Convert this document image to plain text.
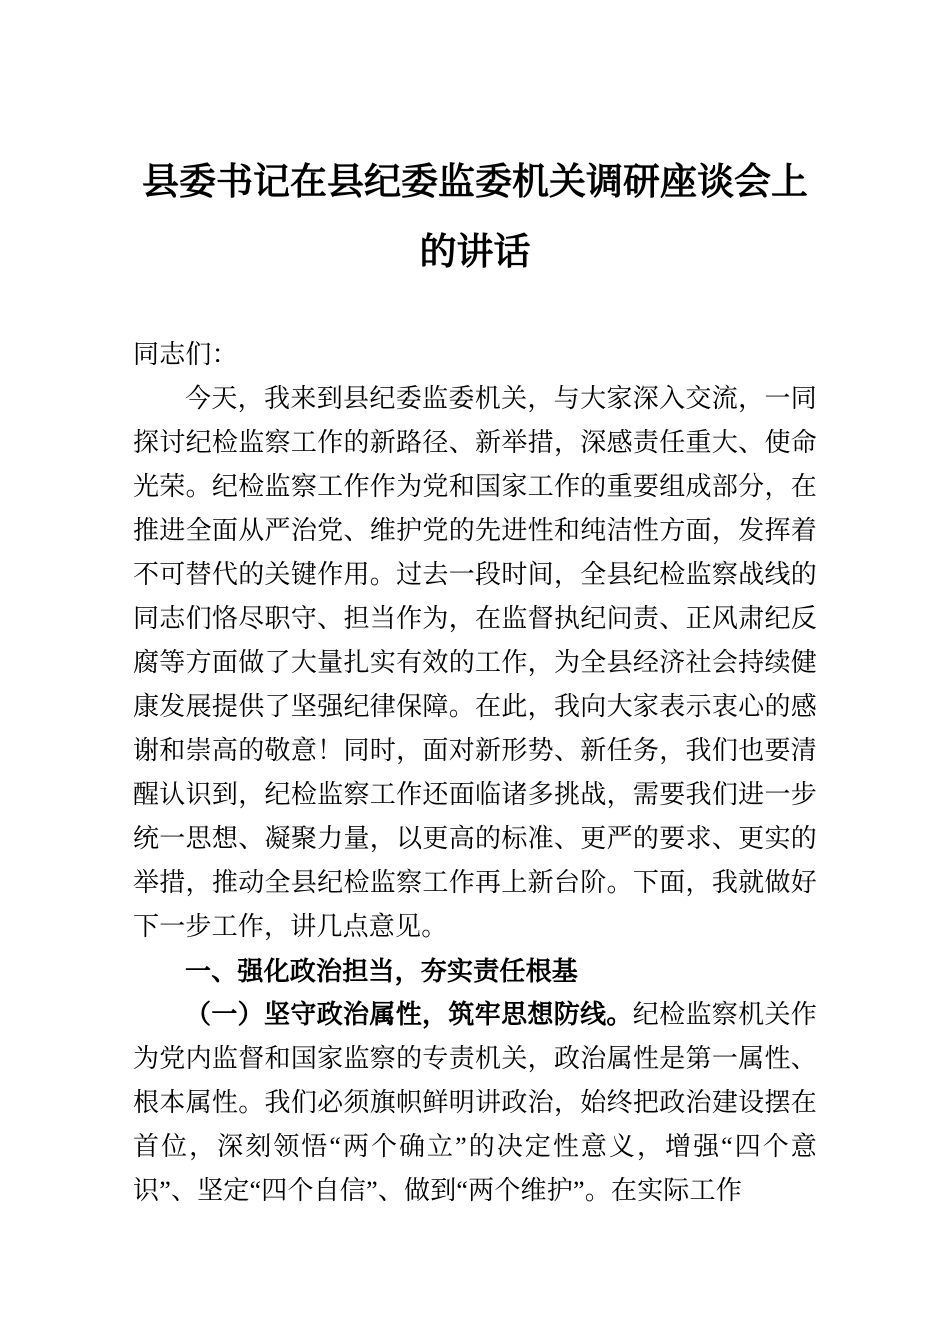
县委书记在县纪委监委机关调研座谈会上
的讲话

同志们：

今天，我来到县纪委监委机关，与大家深入交流，一同探讨纪检监察工作的新路径、新举措，深感责任重大、使命光荣。纪检监察工作作为党和国家工作的重要组成部分，在推进全面从严治党、维护党的先进性和纯洁性方面，发挥着不可替代的关键作用。过去一段时间，全县纪检监察战线的同志们恪尽职守、担当作为，在监督执纪问责、正风肃纪反腐等方面做了大量扎实有效的工作，为全县经济社会持续健康发展提供了坚强纪律保障。在此，我向大家表示衷心的感谢和崇高的敬意！同时，面对新形势、新任务，我们也要清醒认识到，纪检监察工作还面临诸多挑战，需要我们进一步统一思想、凝聚力量，以更高的标准、更严的要求、更实的举措，推动全县纪检监察工作再上新台阶。下面，我就做好下一步工作，讲几点意见。

一、强化政治担当，夯实责任根基

（一）坚守政治属性，筑牢思想防线。纪检监察机关作为党内监督和国家监察的专责机关，政治属性是第一属性、根本属性。我们必须旗帜鲜明讲政治，始终把政治建设摆在首位，深刻领悟“两个确立”的决定性意义，增强“四个意识”、坚定“四个自信”、做到“两个维护”。在实际工作
